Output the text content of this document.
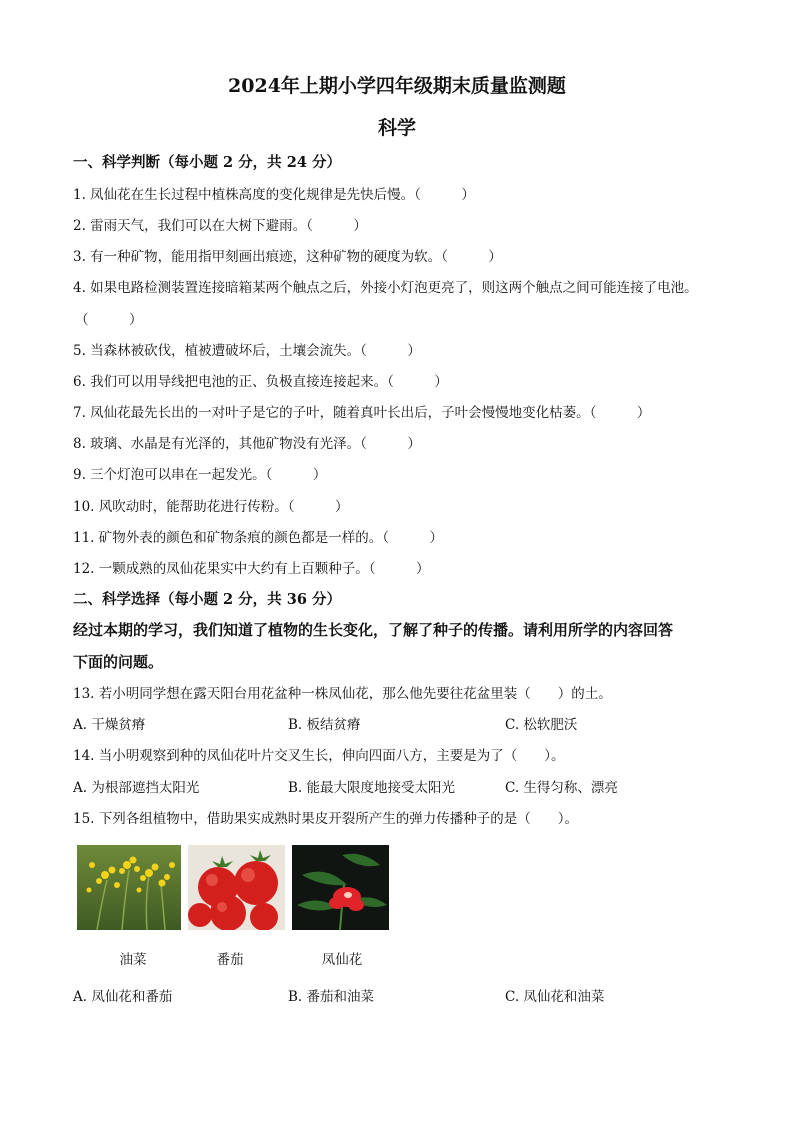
2024年上期小学四年级期末质量监测题
科学
一、科学判断（每小题 2 分，共 24 分）
1. 凤仙花在生长过程中植株高度的变化规律是先快后慢。（　　　）
2. 雷雨天气，我们可以在大树下避雨。（　　　）
3. 有一种矿物，能用指甲刻画出痕迹，这种矿物的硬度为软。（　　　）
4. 如果电路检测装置连接暗箱某两个触点之后，外接小灯泡更亮了，则这两个触点之间可能连接了电池。
（　　　）
5. 当森林被砍伐，植被遭破坏后，土壤会流失。（　　　）
6. 我们可以用导线把电池的正、负极直接连接起来。（　　　）
7. 凤仙花最先长出的一对叶子是它的子叶，随着真叶长出后，子叶会慢慢地变化枯萎。（　　　）
8. 玻璃、水晶是有光泽的，其他矿物没有光泽。（　　　）
9. 三个灯泡可以串在一起发光。（　　　）
10. 风吹动时，能帮助花进行传粉。（　　　）
11. 矿物外表的颜色和矿物条痕的颜色都是一样的。（　　　）
12. 一颗成熟的凤仙花果实中大约有上百颗种子。（　　　）
二、科学选择（每小题 2 分，共 36 分）
经过本期的学习，我们知道了植物的生长变化，了解了种子的传播。请利用所学的内容回答
下面的问题。
13. 若小明同学想在露天阳台用花盆种一株凤仙花，那么他先要往花盆里装（　　）的土。
A. 干燥贫瘠	B. 板结贫瘠	C. 松软肥沃
14. 当小明观察到种的凤仙花叶片交叉生长，伸向四面八方，主要是为了（　　）。
A. 为根部遮挡太阳光	B. 能最大限度地接受太阳光	C. 生得匀称、漂亮
15. 下列各组植物中，借助果实成熟时果皮开裂所产生的弹力传播种子的是（　　）。
油菜	番茄	凤仙花
A. 凤仙花和番茄	B. 番茄和油菜	C. 凤仙花和油菜
